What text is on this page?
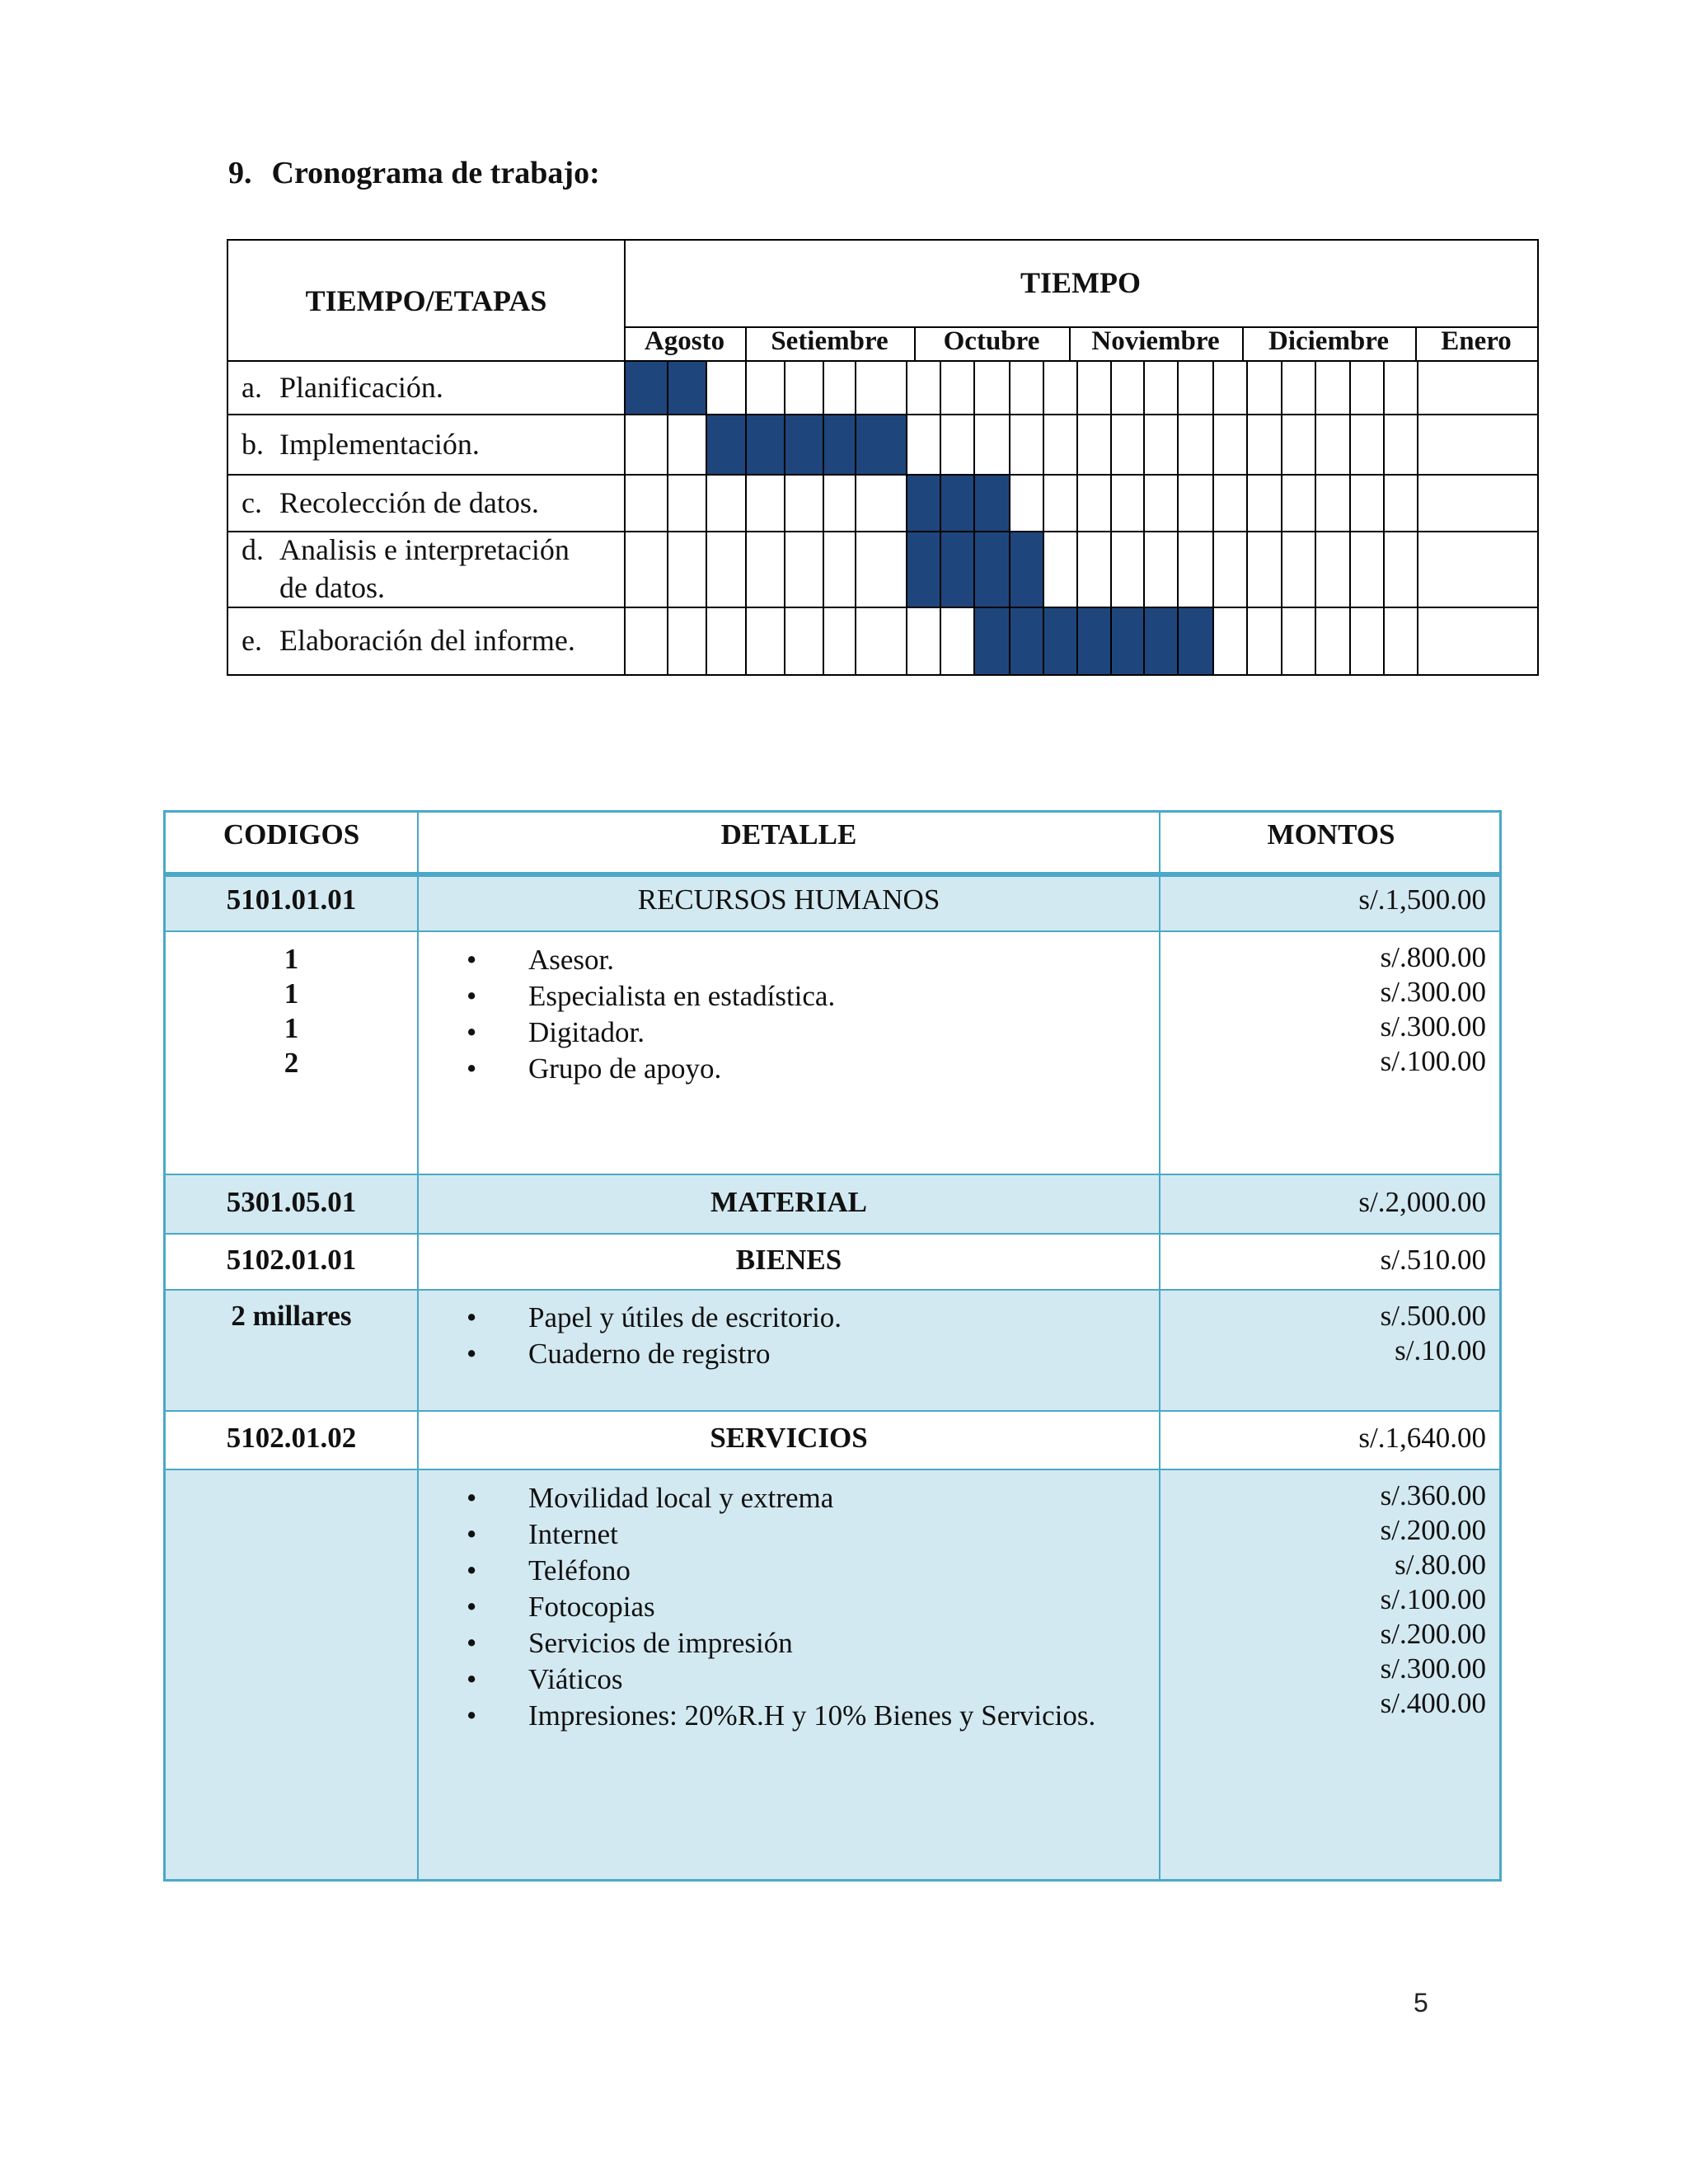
9. Cronograma de trabajo:
TIEMPO/ETAPAS
TIEMPO
Agosto	Setiembre	Octubre	Noviembre	Diciembre	Enero
a. Planificación.
b. Implementación.
c. Recolección de datos.
d. Analisis e interpretación
de datos.
e. Elaboración del informe.
CODIGOS	DETALLE	MONTOS
5101.01.01	RECURSOS HUMANOS	s/.1,500.00
1
1
1
2
• Asesor.
• Especialista en estadística.
• Digitador.
• Grupo de apoyo.
s/.800.00
s/.300.00
s/.300.00
s/.100.00
5301.05.01	MATERIAL	s/.2,000.00
5102.01.01	BIENES	s/.510.00
2 millares
•	Papel y útiles de escritorio.
• Cuaderno de registro
s/.500.00
s/.10.00
5102.01.02	SERVICIOS	s/.1,640.00
• Movilidad local y extrema
• Internet
• Teléfono
• Fotocopias
• Servicios de impresión
• Viáticos
• Impresiones: 20%R.H y 10% Bienes y Servicios.
s/.360.00
s/.200.00
s/.80.00
s/.100.00
s/.200.00
s/.300.00
s/.400.00
5
